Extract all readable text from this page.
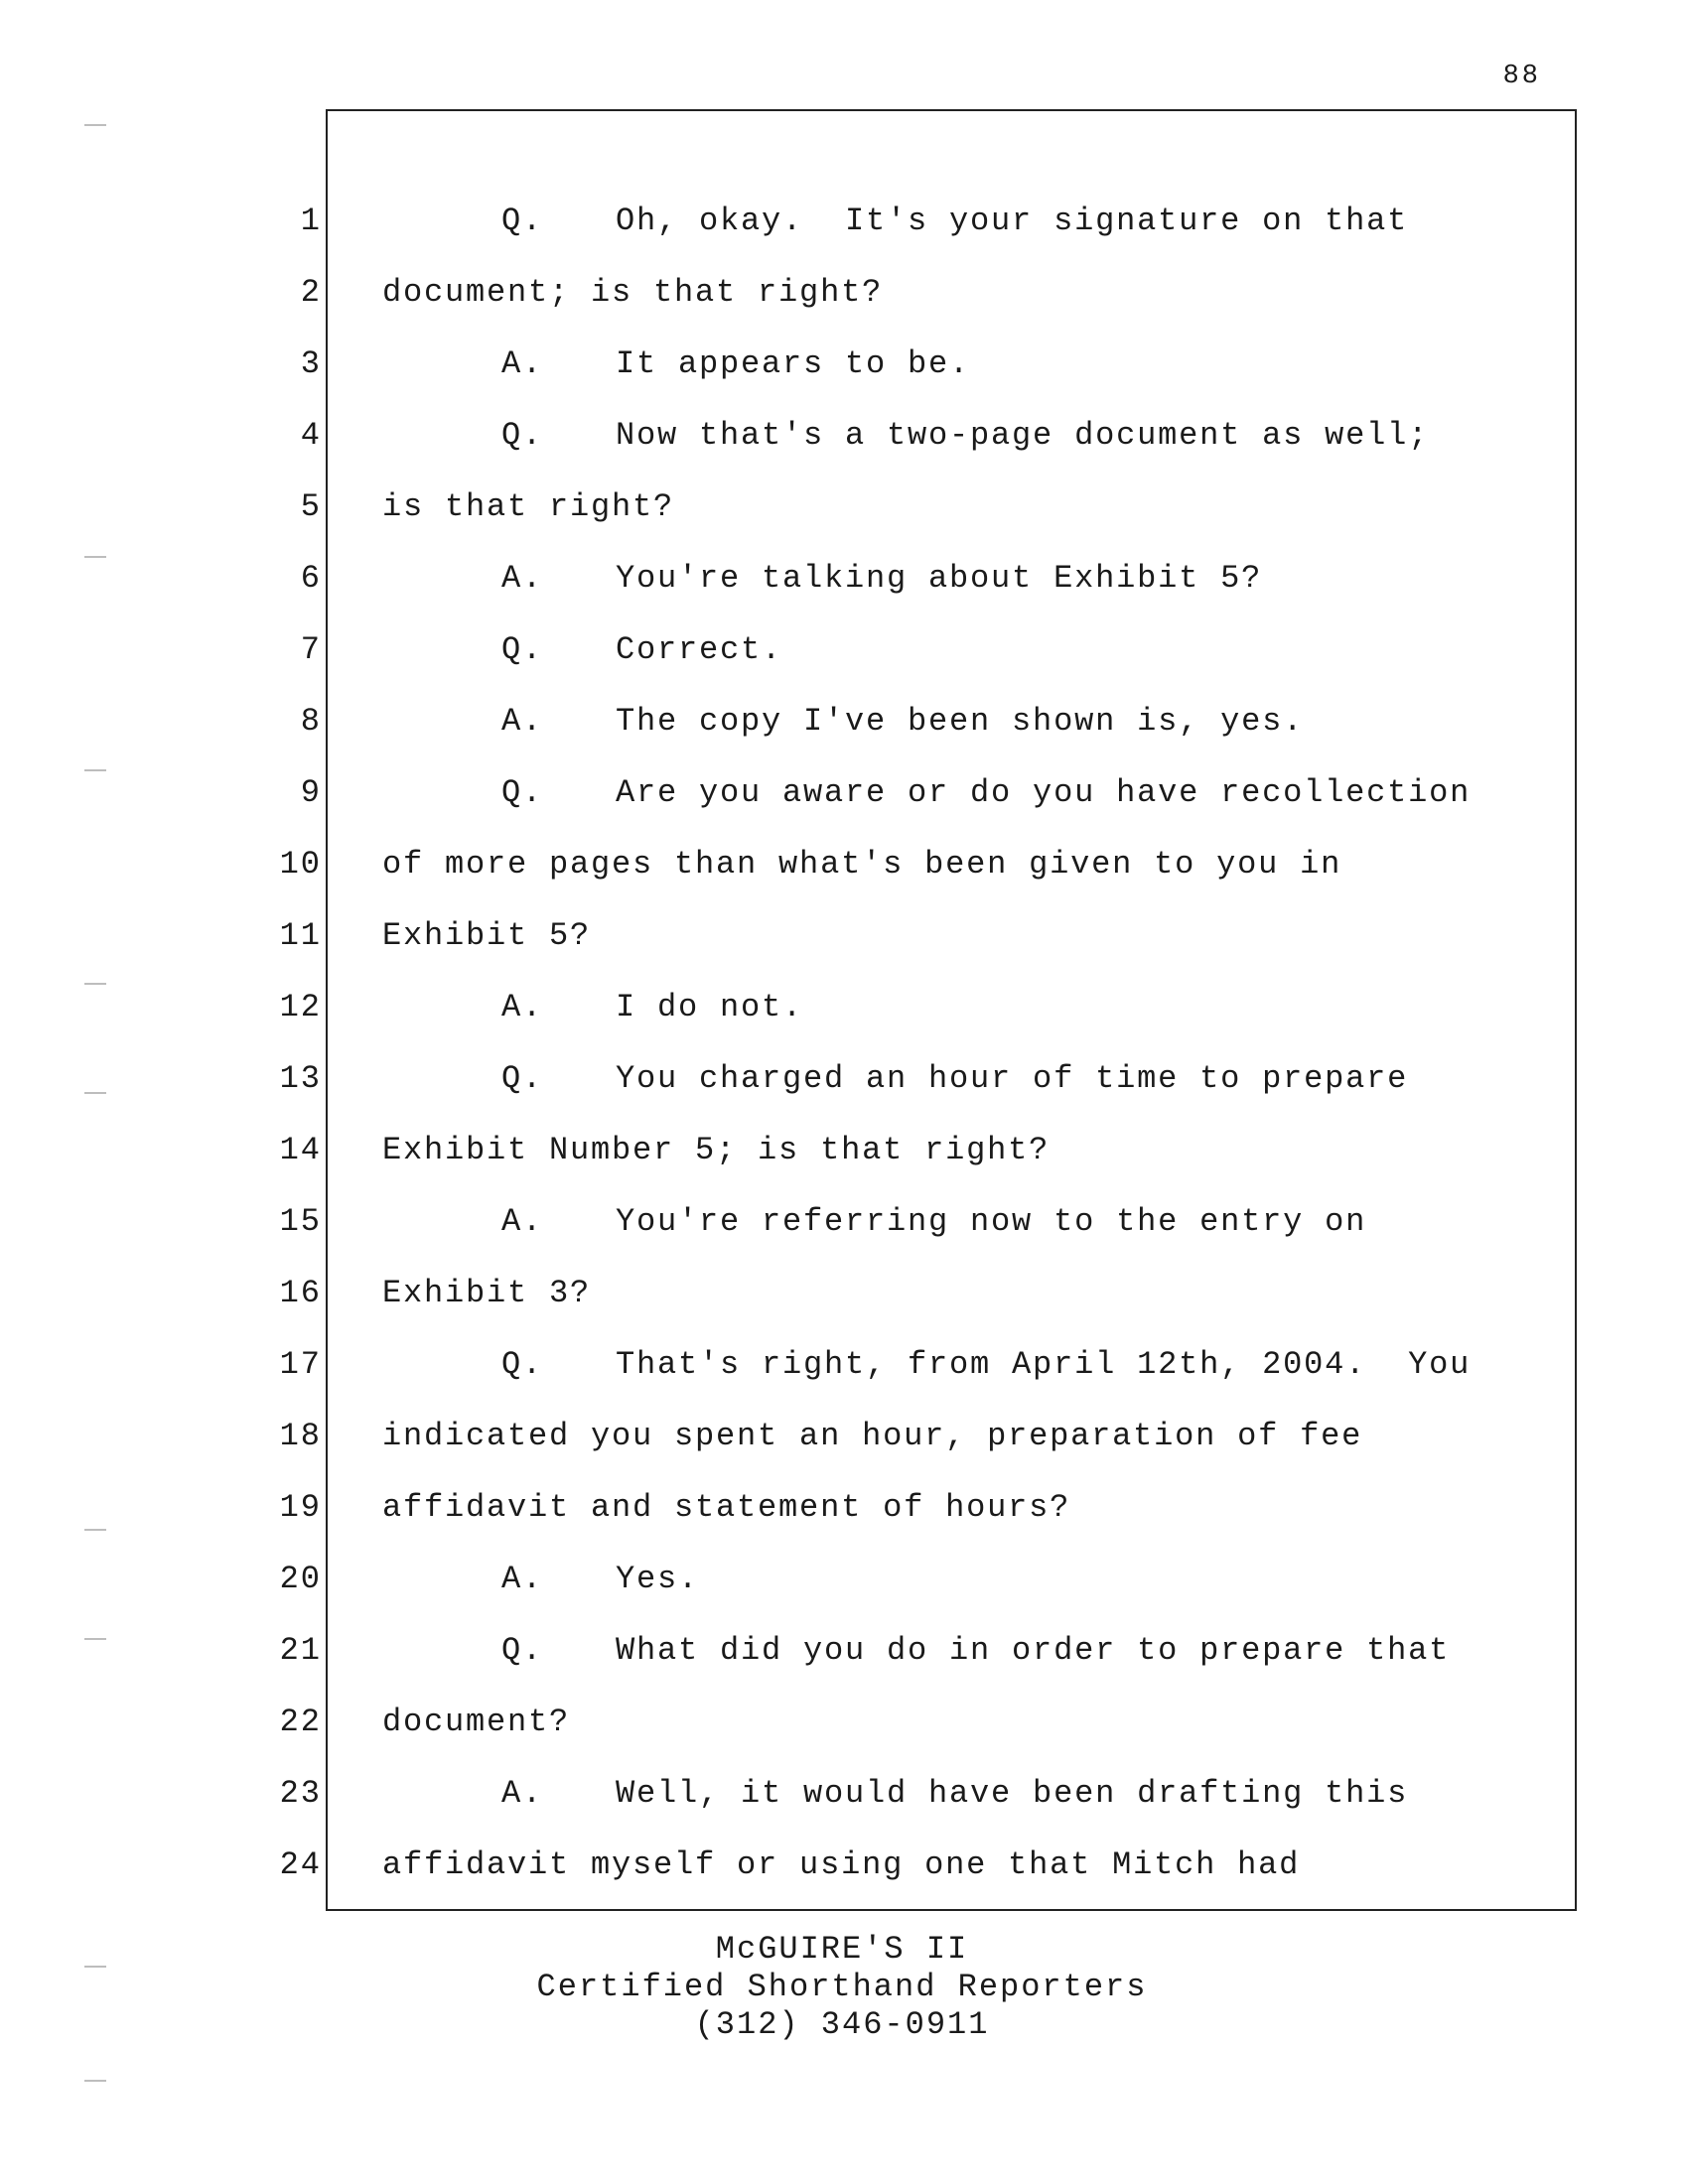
88
1	Q. Oh, okay.  It's your signature on that
2 document; is that right?
3	A. It appears to be.
4	Q. Now that's a two-page document as well;
5 is that right?
6	A. You're talking about Exhibit 5?
7	Q. Correct.
8	A. The copy I've been shown is, yes.
9	Q. Are you aware or do you have recollection
10 of more pages than what's been given to you in
11 Exhibit 5?
12	A. I do not.
13	Q. You charged an hour of time to prepare
14 Exhibit Number 5; is that right?
15	A. You're referring now to the entry on
16 Exhibit 3?
17	Q. That's right, from April 12th, 2004.  You
18 indicated you spent an hour, preparation of fee
19 affidavit and statement of hours?
20	A. Yes.
21	Q. What did you do in order to prepare that
22 document?
23	A. Well, it would have been drafting this
24 affidavit myself or using one that Mitch had
McGUIRE'S II
Certified Shorthand Reporters
(312) 346-0911
